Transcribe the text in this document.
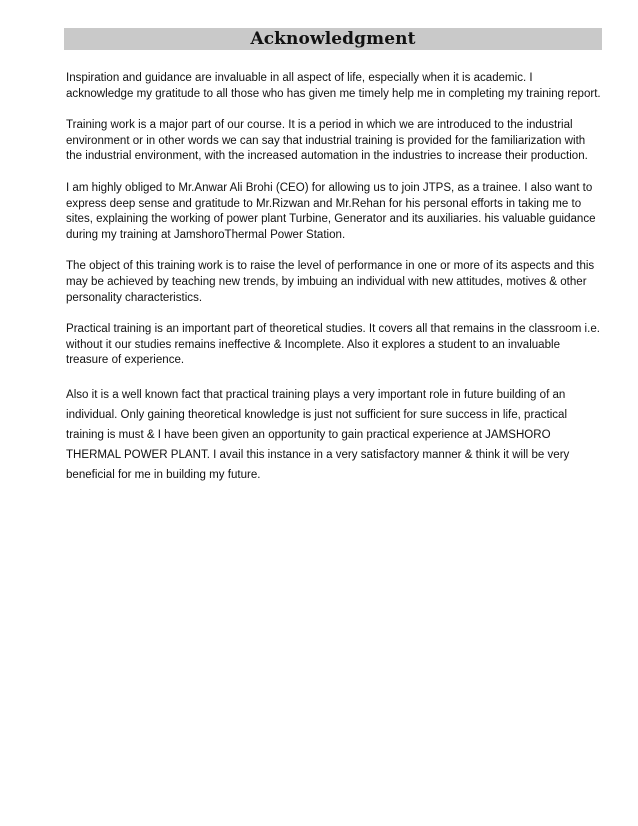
Acknowledgment

Inspiration and guidance are invaluable in all aspect of life, especially when it is academic. I acknowledge my gratitude to all those who has given me timely help me in completing my training report.

Training work is a major part of our course. It is a period in which we are introduced to the industrial environment or in other words we can say that industrial training is provided for the familiarization with the industrial environment, with the increased automation in the industries to increase their production.

I am highly obliged to Mr.Anwar Ali Brohi (CEO) for allowing us to join JTPS, as a trainee. I also want to express deep sense and gratitude to Mr.Rizwan and Mr.Rehan for his personal efforts in taking me to sites, explaining the working of power plant Turbine, Generator and its auxiliaries. his valuable guidance during my training at JamshoroThermal Power Station.

The object of this training work is to raise the level of performance in one or more of its aspects and this may be achieved by teaching new trends, by imbuing an individual with new attitudes, motives & other personality characteristics.

Practical training is an important part of theoretical studies. It covers all that remains in the classroom i.e. without it our studies remains ineffective & Incomplete. Also it explores a student to an invaluable treasure of experience.

Also it is a well known fact that practical training plays a very important role in future building of an individual. Only gaining theoretical knowledge is just not sufficient for sure success in life, practical training is must & I have been given an opportunity to gain practical experience at JAMSHORO THERMAL POWER PLANT. I avail this instance in a very satisfactory manner & think it will be very beneficial for me in building my future.
